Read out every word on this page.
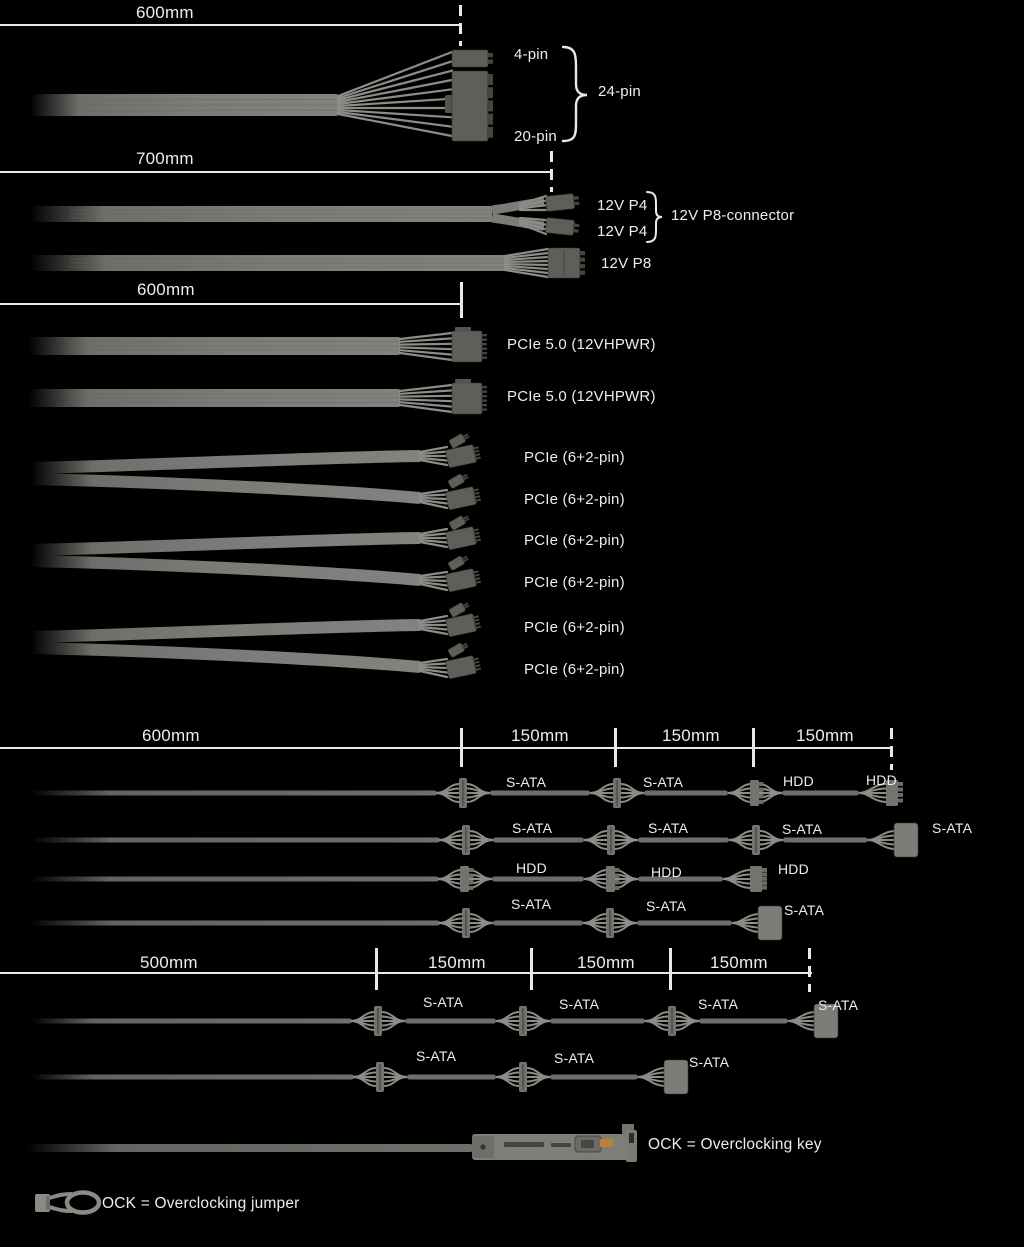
600mm
4-pin
20-pin
24-pin
700mm
12V P4
12V P4
12V P8-connector
12V P8
600mm
PCIe 5.0 (12VHPWR)
PCIe 5.0 (12VHPWR)
PCIe (6+2-pin)
PCIe (6+2-pin)
PCIe (6+2-pin)
PCIe (6+2-pin)
PCIe (6+2-pin)
PCIe (6+2-pin)
600mm	150mm	150mm	150mm
S-ATA	S-ATA	HDD	HDD
S-ATA	S-ATA	S-ATA	S-ATA
HDD	HDD	HDD
S-ATA	S-ATA	S-ATA
500mm	150mm	150mm	150mm
S-ATA	S-ATA	S-ATA	S-ATA
S-ATA	S-ATA	S-ATA
OCK = Overclocking key
OCK = Overclocking jumper
